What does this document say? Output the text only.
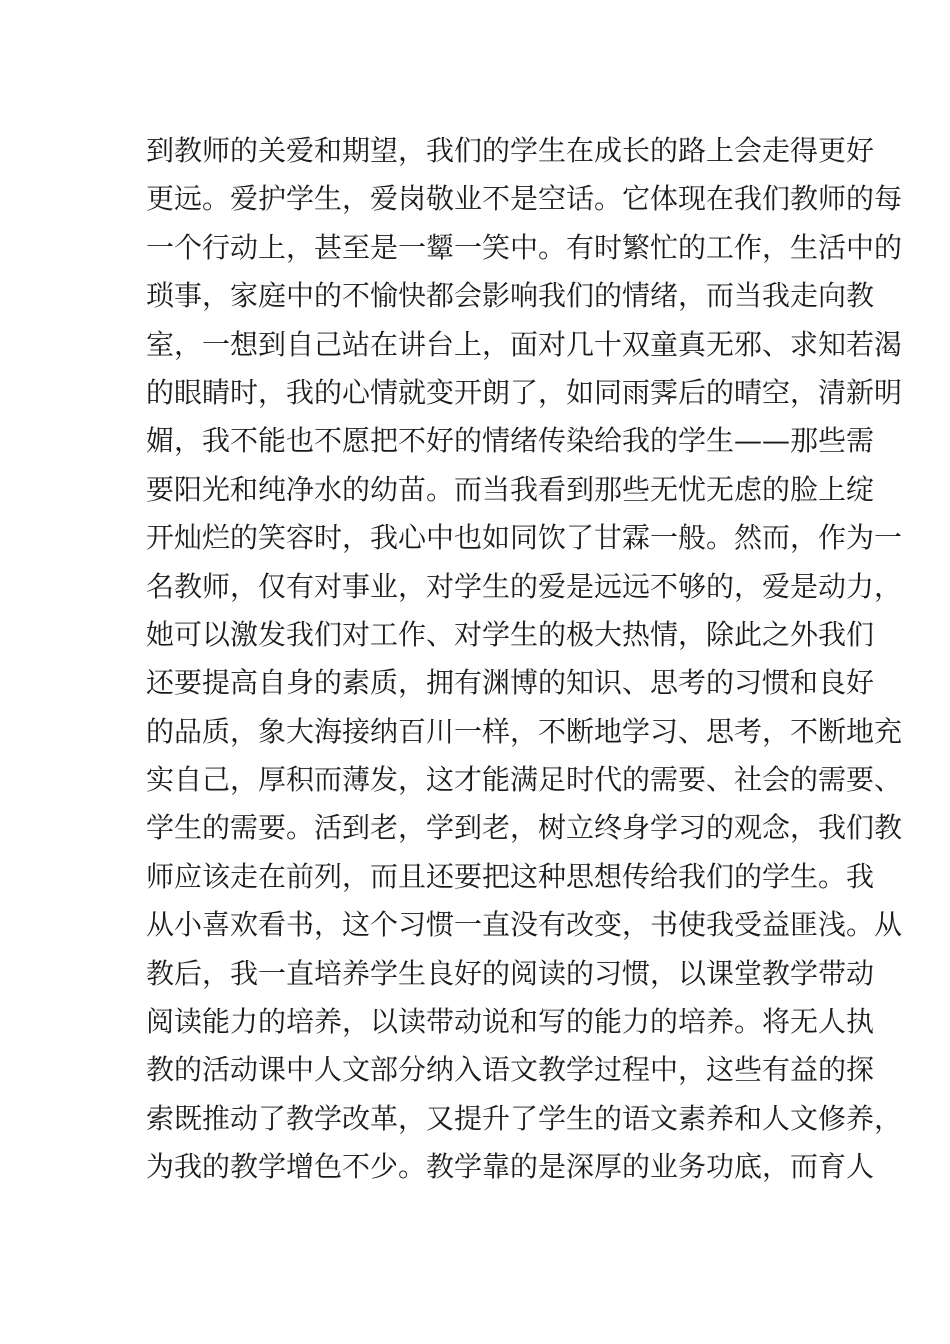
到教师的关爱和期望，我们的学生在成长的路上会走得更好
更远。爱护学生，爱岗敬业不是空话。它体现在我们教师的每
一个行动上，甚至是一颦一笑中。有时繁忙的工作，生活中的
琐事，家庭中的不愉快都会影响我们的情绪，而当我走向教
室，一想到自己站在讲台上，面对几十双童真无邪、求知若渴
的眼睛时，我的心情就变开朗了，如同雨霁后的晴空，清新明
媚，我不能也不愿把不好的情绪传染给我的学生——那些需
要阳光和纯净水的幼苗。而当我看到那些无忧无虑的脸上绽
开灿烂的笑容时，我心中也如同饮了甘霖一般。然而，作为一
名教师，仅有对事业，对学生的爱是远远不够的，爱是动力，
她可以激发我们对工作、对学生的极大热情，除此之外我们
还要提高自身的素质，拥有渊博的知识、思考的习惯和良好
的品质，象大海接纳百川一样，不断地学习、思考，不断地充
实自己，厚积而薄发，这才能满足时代的需要、社会的需要、
学生的需要。活到老，学到老，树立终身学习的观念，我们教
师应该走在前列，而且还要把这种思想传给我们的学生。我
从小喜欢看书，这个习惯一直没有改变，书使我受益匪浅。从
教后，我一直培养学生良好的阅读的习惯，以课堂教学带动
阅读能力的培养，以读带动说和写的能力的培养。将无人执
教的活动课中人文部分纳入语文教学过程中，这些有益的探
索既推动了教学改革，又提升了学生的语文素养和人文修养，
为我的教学增色不少。教学靠的是深厚的业务功底，而育人
